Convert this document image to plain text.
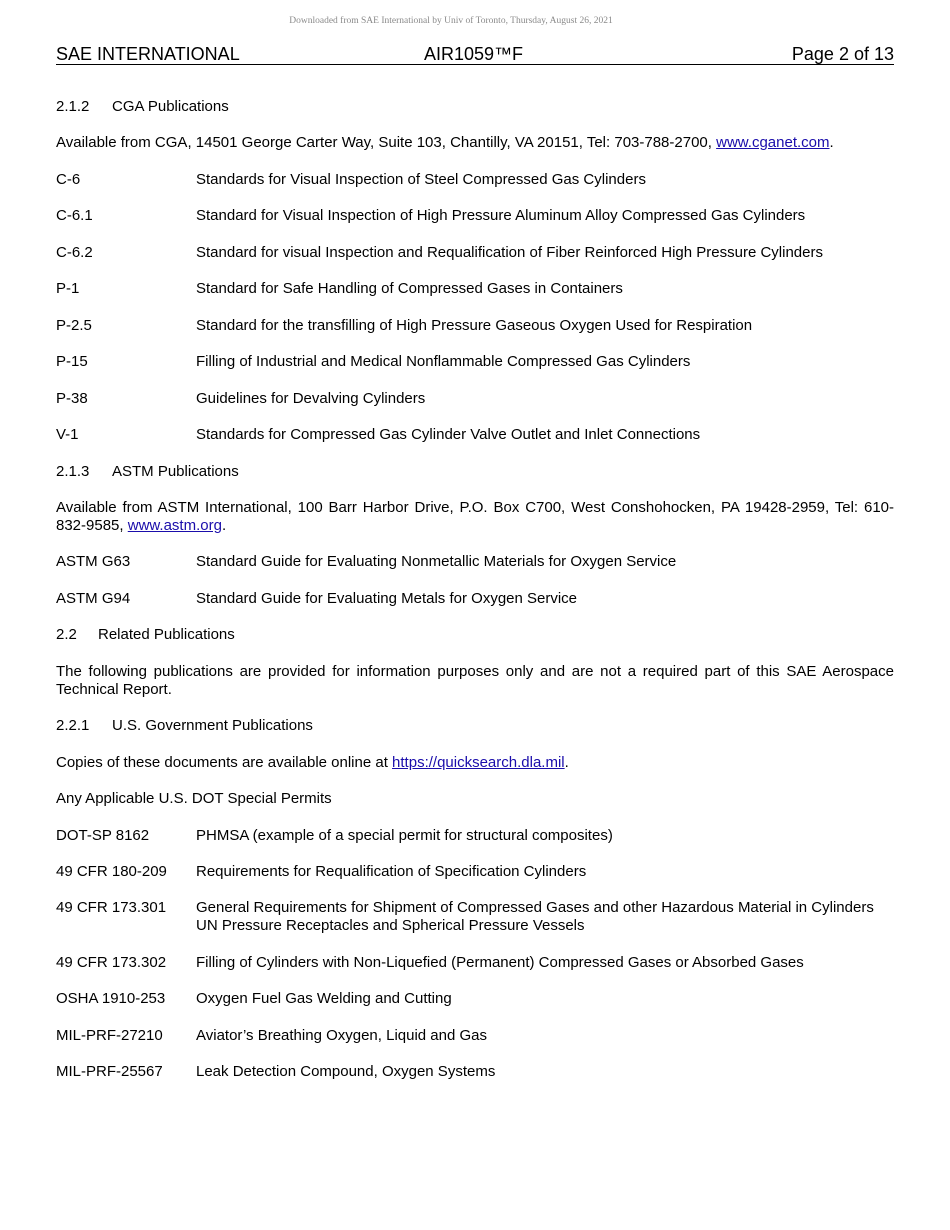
Downloaded from SAE International by Univ of Toronto, Thursday, August 26, 2021
SAE INTERNATIONAL	AIR1059™F	Page 2 of 13
2.1.2 CGA Publications
Available from CGA, 14501 George Carter Way, Suite 103, Chantilly, VA 20151, Tel: 703-788-2700, www.cganet.com.
C-6	Standards for Visual Inspection of Steel Compressed Gas Cylinders
C-6.1	Standard for Visual Inspection of High Pressure Aluminum Alloy Compressed Gas Cylinders
C-6.2	Standard for visual Inspection and Requalification of Fiber Reinforced High Pressure Cylinders
P-1	Standard for Safe Handling of Compressed Gases in Containers
P-2.5	Standard for the transfilling of High Pressure Gaseous Oxygen Used for Respiration
P-15	Filling of Industrial and Medical Nonflammable Compressed Gas Cylinders
P-38	Guidelines for Devalving Cylinders
V-1	Standards for Compressed Gas Cylinder Valve Outlet and Inlet Connections
2.1.3 ASTM Publications
Available from ASTM International, 100 Barr Harbor Drive, P.O. Box C700, West Conshohocken, PA 19428-2959, Tel: 610-832-9585, www.astm.org.
ASTM G63	Standard Guide for Evaluating Nonmetallic Materials for Oxygen Service
ASTM G94	Standard Guide for Evaluating Metals for Oxygen Service
2.2 Related Publications
The following publications are provided for information purposes only and are not a required part of this SAE Aerospace Technical Report.
2.2.1 U.S. Government Publications
Copies of these documents are available online at https://quicksearch.dla.mil.
Any Applicable U.S. DOT Special Permits
DOT-SP 8162	PHMSA (example of a special permit for structural composites)
49 CFR 180-209	Requirements for Requalification of Specification Cylinders
49 CFR 173.301	General Requirements for Shipment of Compressed Gases and other Hazardous Material in Cylinders UN Pressure Receptacles and Spherical Pressure Vessels
49 CFR 173.302	Filling of Cylinders with Non-Liquefied (Permanent) Compressed Gases or Absorbed Gases
OSHA 1910-253	Oxygen Fuel Gas Welding and Cutting
MIL-PRF-27210	Aviator’s Breathing Oxygen, Liquid and Gas
MIL-PRF-25567	Leak Detection Compound, Oxygen Systems
